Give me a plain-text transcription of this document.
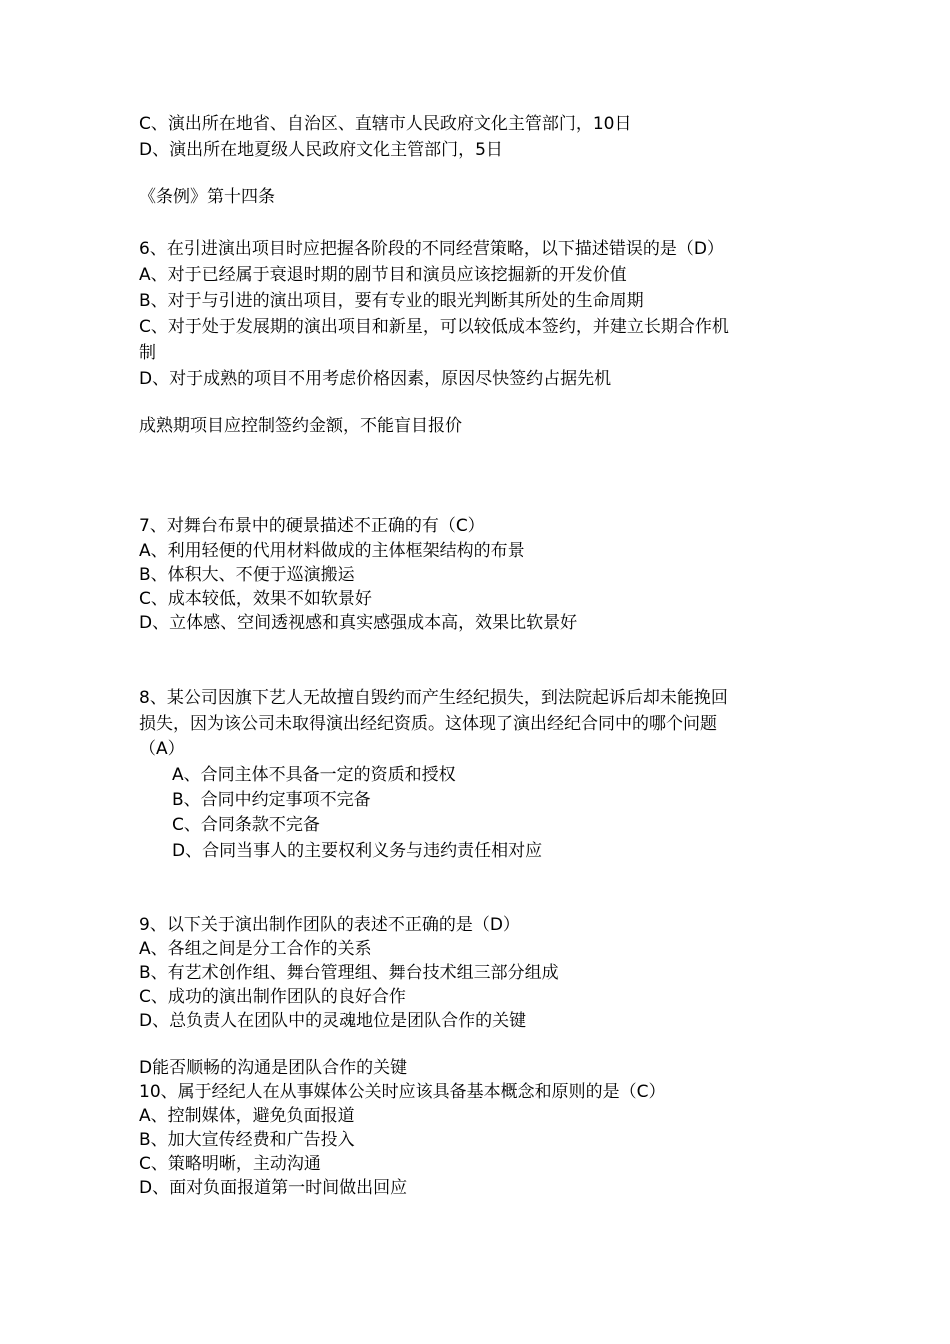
C、演出所在地省、自治区、直辖市人民政府文化主管部门，10日
D、演出所在地夏级人民政府文化主管部门，5日
《条例》第十四条
6、在引进演出项目时应把握各阶段的不同经营策略，以下描述错误的是（D）
A、对于已经属于衰退时期的剧节目和演员应该挖掘新的开发价值
B、对于与引进的演出项目，要有专业的眼光判断其所处的生命周期
C、对于处于发展期的演出项目和新星，可以较低成本签约，并建立长期合作机
制
D、对于成熟的项目不用考虑价格因素，原因尽快签约占据先机
成熟期项目应控制签约金额，不能盲目报价
7、对舞台布景中的硬景描述不正确的有（C）
A、利用轻便的代用材料做成的主体框架结构的布景
B、体积大、不便于巡演搬运
C、成本较低，效果不如软景好
D、立体感、空间透视感和真实感强成本高，效果比软景好
8、某公司因旗下艺人无故擅自毁约而产生经纪损失，到法院起诉后却未能挽回
损失，因为该公司未取得演出经纪资质。这体现了演出经纪合同中的哪个问题
（A）
A、合同主体不具备一定的资质和授权
B、合同中约定事项不完备
C、合同条款不完备
D、合同当事人的主要权利义务与违约责任相对应
9、以下关于演出制作团队的表述不正确的是（D）
A、各组之间是分工合作的关系
B、有艺术创作组、舞台管理组、舞台技术组三部分组成
C、成功的演出制作团队的良好合作
D、总负责人在团队中的灵魂地位是团队合作的关键
D能否顺畅的沟通是团队合作的关键
10、属于经纪人在从事媒体公关时应该具备基本概念和原则的是（C）
A、控制媒体，避免负面报道
B、加大宣传经费和广告投入
C、策略明晰，主动沟通
D、面对负面报道第一时间做出回应
